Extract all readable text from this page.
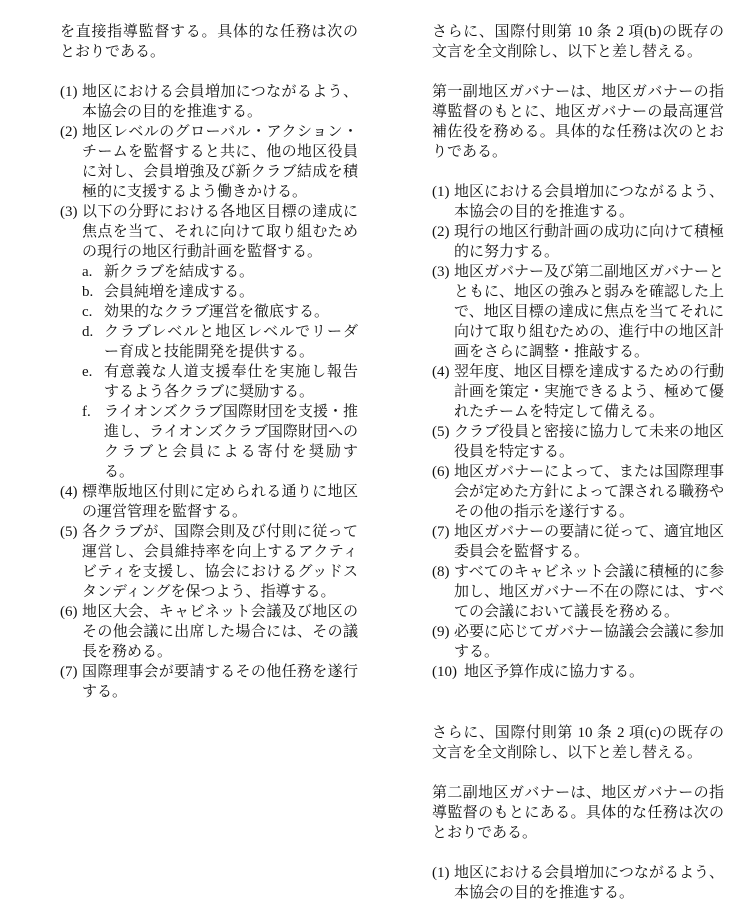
を直接指導監督する。具体的な任務は次のとおりである。

(1) 地区における会員増加につながるよう、本協会の目的を推進する。
(2) 地区レベルのグローバル・アクション・チームを監督すると共に、他の地区役員に対し、会員増強及び新クラブ結成を積極的に支援するよう働きかける。
(3) 以下の分野における各地区目標の達成に焦点を当て、それに向けて取り組むための現行の地区行動計画を監督する。
a. 新クラブを結成する。
b. 会員純増を達成する。
c. 効果的なクラブ運営を徹底する。
d. クラブレベルと地区レベルでリーダー育成と技能開発を提供する。
e. 有意義な人道支援奉仕を実施し報告するよう各クラブに奨励する。
f. ライオンズクラブ国際財団を支援・推進し、ライオンズクラブ国際財団へのクラブと会員による寄付を奨励する。
(4) 標準版地区付則に定められる通りに地区の運営管理を監督する。
(5) 各クラブが、国際会則及び付則に従って運営し、会員維持率を向上するアクティビティを支援し、協会におけるグッドスタンディングを保つよう、指導する。
(6) 地区大会、キャビネット会議及び地区のその他会議に出席した場合には、その議長を務める。
(7) 国際理事会が要請するその他任務を遂行する。

さらに、国際付則第 10 条 2 項(b)の既存の文言を全文削除し、以下と差し替える。

第一副地区ガバナーは、地区ガバナーの指導監督のもとに、地区ガバナーの最高運営補佐役を務める。具体的な任務は次のとおりである。

(1) 地区における会員増加につながるよう、本協会の目的を推進する。
(2) 現行の地区行動計画の成功に向けて積極的に努力する。
(3) 地区ガバナー及び第二副地区ガバナーとともに、地区の強みと弱みを確認した上で、地区目標の達成に焦点を当てそれに向けて取り組むための、進行中の地区計画をさらに調整・推敲する。
(4) 翌年度、地区目標を達成するための行動計画を策定・実施できるよう、極めて優れたチームを特定して備える。
(5) クラブ役員と密接に協力して未来の地区役員を特定する。
(6) 地区ガバナーによって、または国際理事会が定めた方針によって課される職務やその他の指示を遂行する。
(7) 地区ガバナーの要請に従って、適宜地区委員会を監督する。
(8) すべてのキャビネット会議に積極的に参加し、地区ガバナー不在の際には、すべての会議において議長を務める。
(9) 必要に応じてガバナー協議会会議に参加する。
(10) 地区予算作成に協力する。

さらに、国際付則第 10 条 2 項(c)の既存の文言を全文削除し、以下と差し替える。

第二副地区ガバナーは、地区ガバナーの指導監督のもとにある。具体的な任務は次のとおりである。

(1) 地区における会員増加につながるよう、本協会の目的を推進する。
